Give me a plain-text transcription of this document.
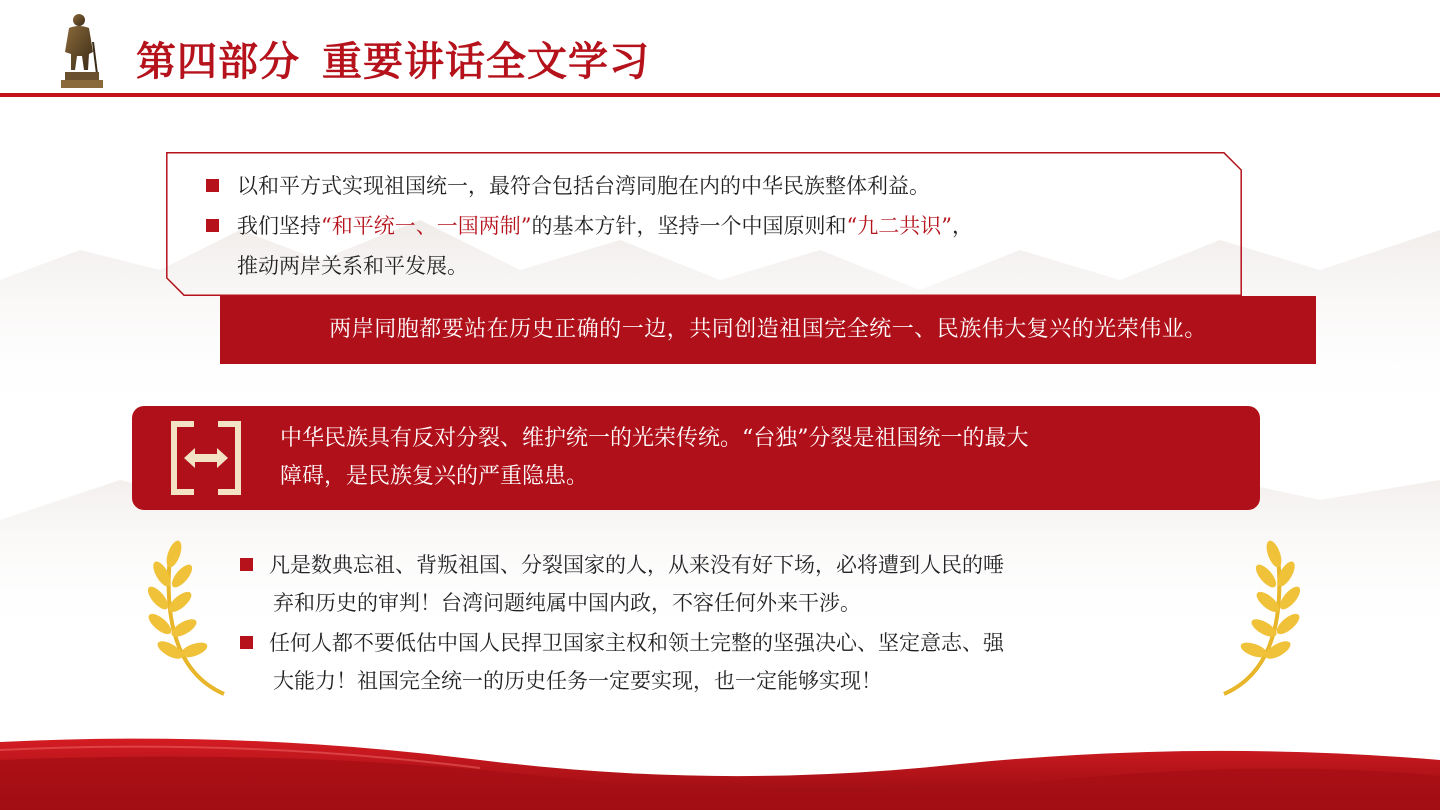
第四部分 重要讲话全文学习
以和平方式实现祖国统一，最符合包括台湾同胞在内的中华民族整体利益。
我们坚持“和平统一、一国两制”的基本方针，坚持一个中国原则和“九二共识”，
推动两岸关系和平发展。
两岸同胞都要站在历史正确的一边，共同创造祖国完全统一、民族伟大复兴的光荣伟业。
中华民族具有反对分裂、维护统一的光荣传统。“台独”分裂是祖国统一的最大
障碍，是民族复兴的严重隐患。
凡是数典忘祖、背叛祖国、分裂国家的人，从来没有好下场，必将遭到人民的唾
弃和历史的审判！台湾问题纯属中国内政，不容任何外来干涉。
任何人都不要低估中国人民捍卫国家主权和领土完整的坚强决心、坚定意志、强
大能力！祖国完全统一的历史任务一定要实现，也一定能够实现！
